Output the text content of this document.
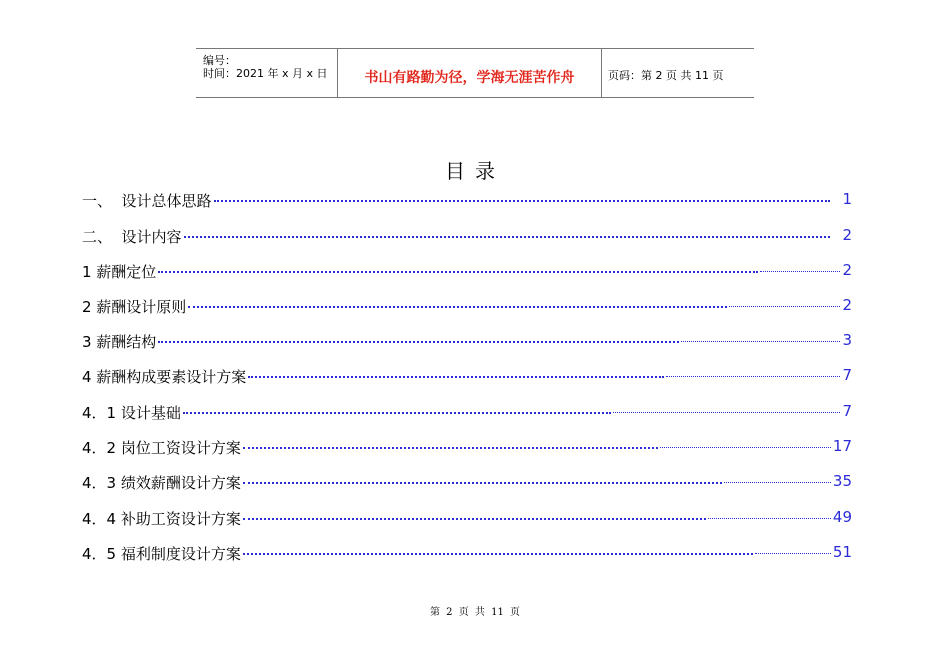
编号：
时间：2021 年 x 月 x 日	书山有路勤为径，学海无涯苦作舟	页码：第 2 页 共 11 页
目录
一、  设计总体思路	1
二、  设计内容	2
1 薪酬定位	2
2 薪酬设计原则	2
3 薪酬结构	3
4 薪酬构成要素设计方案	7
4．1 设计基础	7
4．2 岗位工资设计方案	17
4．3 绩效薪酬设计方案	35
4．4 补助工资设计方案	49
4．5 福利制度设计方案	51
第 2 页 共 11 页
